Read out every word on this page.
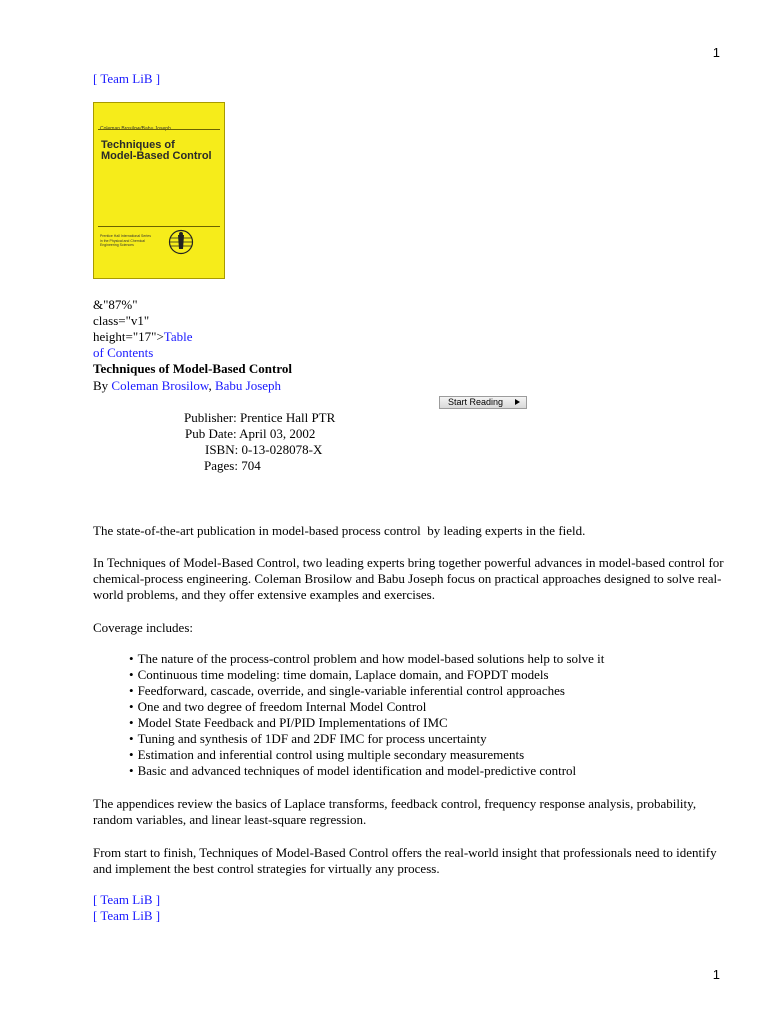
1
[ Team LiB ]
Techniques of
Model-Based Control
Prentice Hall International Series
in the Physical and Chemical
Engineering Sciences
&"87%"
class="v1"
height="17">Table
of Contents
Techniques of Model-Based Control
By Coleman Brosilow, Babu Joseph
Start Reading
Publisher: Prentice Hall PTR
Pub Date: April 03, 2002
ISBN: 0-13-028078-X
Pages: 704
The state-of-the-art publication in model-based process control  by leading experts in the field.
In Techniques of Model-Based Control, two leading experts bring together powerful advances in model-based control for chemical-process engineering. Coleman Brosilow and Babu Joseph focus on practical approaches designed to solve real-world problems, and they offer extensive examples and exercises.
Coverage includes:
• The nature of the process-control problem and how model-based solutions help to solve it
• Continuous time modeling: time domain, Laplace domain, and FOPDT models
• Feedforward, cascade, override, and single-variable inferential control approaches
• One and two degree of freedom Internal Model Control
• Model State Feedback and PI/PID Implementations of IMC
• Tuning and synthesis of 1DF and 2DF IMC for process uncertainty
• Estimation and inferential control using multiple secondary measurements
• Basic and advanced techniques of model identification and model-predictive control
The appendices review the basics of Laplace transforms, feedback control, frequency response analysis, probability, random variables, and linear least-square regression.
From start to finish, Techniques of Model-Based Control offers the real-world insight that professionals need to identify and implement the best control strategies for virtually any process.
[ Team LiB ]
[ Team LiB ]
1
